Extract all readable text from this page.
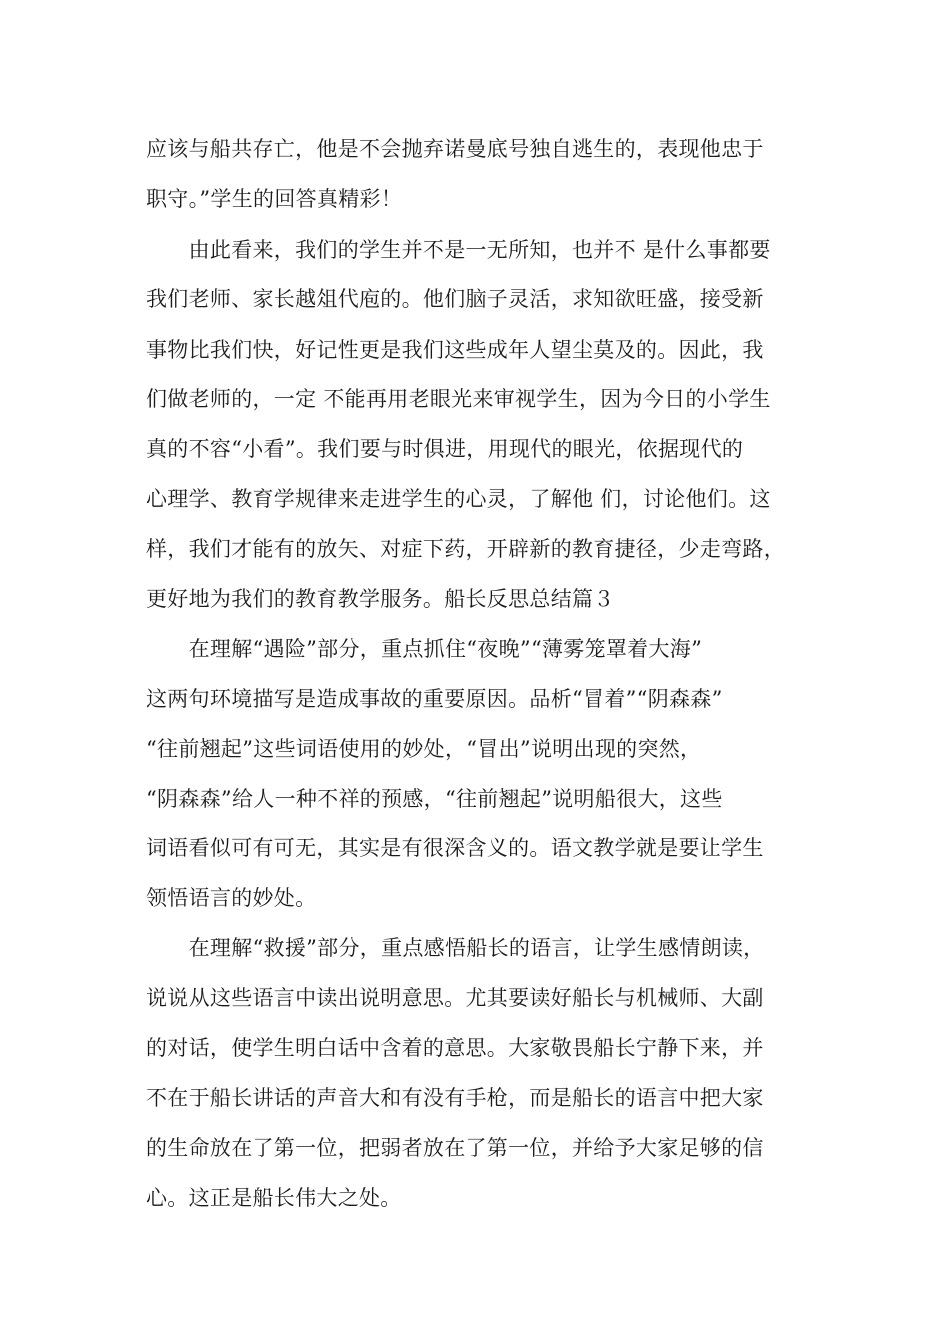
应该与船共存亡，他是不会抛弃诺曼底号独自逃生的，表现他忠于
职守。”学生的回答真精彩！
　　由此看来，我们的学生并不是一无所知，也并不 是什么事都要
我们老师、家长越俎代庖的。他们脑子灵活，求知欲旺盛，接受新
事物比我们快，好记性更是我们这些成年人望尘莫及的。因此，我
们做老师的，一定 不能再用老眼光来审视学生，因为今日的小学生
真的不容“小看”。我们要与时俱进，用现代的眼光，依据现代的
心理学、教育学规律来走进学生的心灵，了解他 们，讨论他们。这
样，我们才能有的放矢、对症下药，开辟新的教育捷径，少走弯路，
更好地为我们的教育教学服务。船长反思总结篇３
　　在理解“遇险”部分，重点抓住“夜晚”“薄雾笼罩着大海”
这两句环境描写是造成事故的重要原因。品析“冒着”“阴森森”
“往前翘起”这些词语使用的妙处，“冒出”说明出现的突然，
“阴森森”给人一种不祥的预感，“往前翘起”说明船很大，这些
词语看似可有可无，其实是有很深含义的。语文教学就是要让学生
领悟语言的妙处。
　　在理解“救援”部分，重点感悟船长的语言，让学生感情朗读，
说说从这些语言中读出说明意思。尤其要读好船长与机械师、大副
的对话，使学生明白话中含着的意思。大家敬畏船长宁静下来，并
不在于船长讲话的声音大和有没有手枪，而是船长的语言中把大家
的生命放在了第一位，把弱者放在了第一位，并给予大家足够的信
心。这正是船长伟大之处。
